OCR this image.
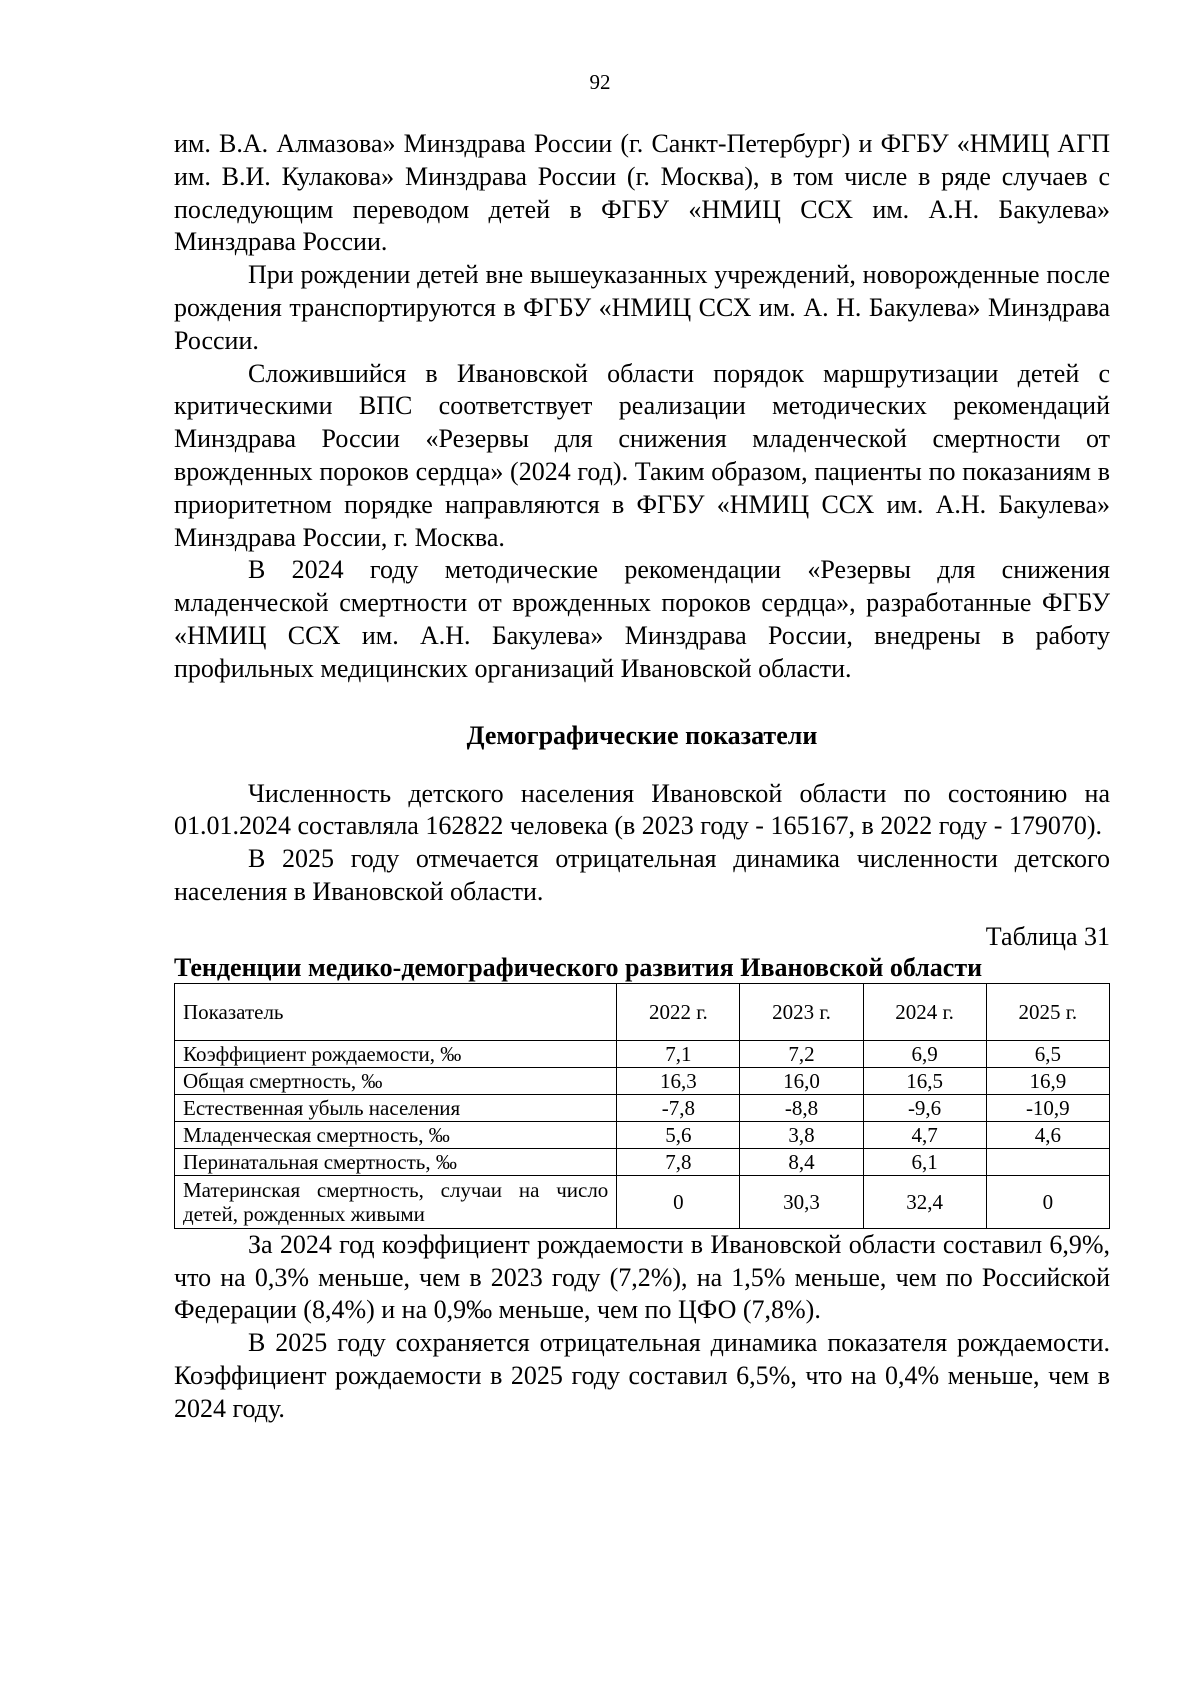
92

им. В.А. Алмазова» Минздрава России (г. Санкт-Петербург) и ФГБУ «НМИЦ АГП им. В.И. Кулакова» Минздрава России (г. Москва), в том числе в ряде случаев с последующим переводом детей в ФГБУ «НМИЦ ССХ им. А.Н. Бакулева» Минздрава России.

При рождении детей вне вышеуказанных учреждений, новорожденные после рождения транспортируются в ФГБУ «НМИЦ ССХ им. А. Н. Бакулева» Минздрава России.

Сложившийся в Ивановской области порядок маршрутизации детей с критическими ВПС соответствует реализации методических рекомендаций Минздрава России «Резервы для снижения младенческой смертности от врожденных пороков сердца» (2024 год). Таким образом, пациенты по показаниям в приоритетном порядке направляются в ФГБУ «НМИЦ ССХ им. А.Н. Бакулева» Минздрава России, г. Москва.

В 2024 году методические рекомендации «Резервы для снижения младенческой смертности от врожденных пороков сердца», разработанные ФГБУ «НМИЦ ССХ им. А.Н. Бакулева» Минздрава России, внедрены в работу профильных медицинских организаций Ивановской области.

Демографические показатели

Численность детского населения Ивановской области по состоянию на 01.01.2024 составляла 162822 человека (в 2023 году - 165167, в 2022 году - 179070).

В 2025 году отмечается отрицательная динамика численности детского населения в Ивановской области.

Таблица 31
Тенденции медико-демографического развития Ивановской области
Показатель	2022 г.	2023 г.	2024 г.	2025 г.
Коэффициент рождаемости, ‰	7,1	7,2	6,9	6,5
Общая смертность, ‰	16,3	16,0	16,5	16,9
Естественная убыль населения	-7,8	-8,8	-9,6	-10,9
Младенческая смертность, ‰	5,6	3,8	4,7	4,6
Перинатальная смертность, ‰	7,8	8,4	6,1	
Материнская смертность, случаи на число детей, рожденных живыми	0	30,3	32,4	0

За 2024 год коэффициент рождаемости в Ивановской области составил 6,9%, что на 0,3% меньше, чем в 2023 году (7,2%), на 1,5% меньше, чем по Российской Федерации (8,4%) и на 0,9‰ меньше, чем по ЦФО (7,8%).

В 2025 году сохраняется отрицательная динамика показателя рождаемости. Коэффициент рождаемости в 2025 году составил 6,5%, что на 0,4% меньше, чем в 2024 году.
